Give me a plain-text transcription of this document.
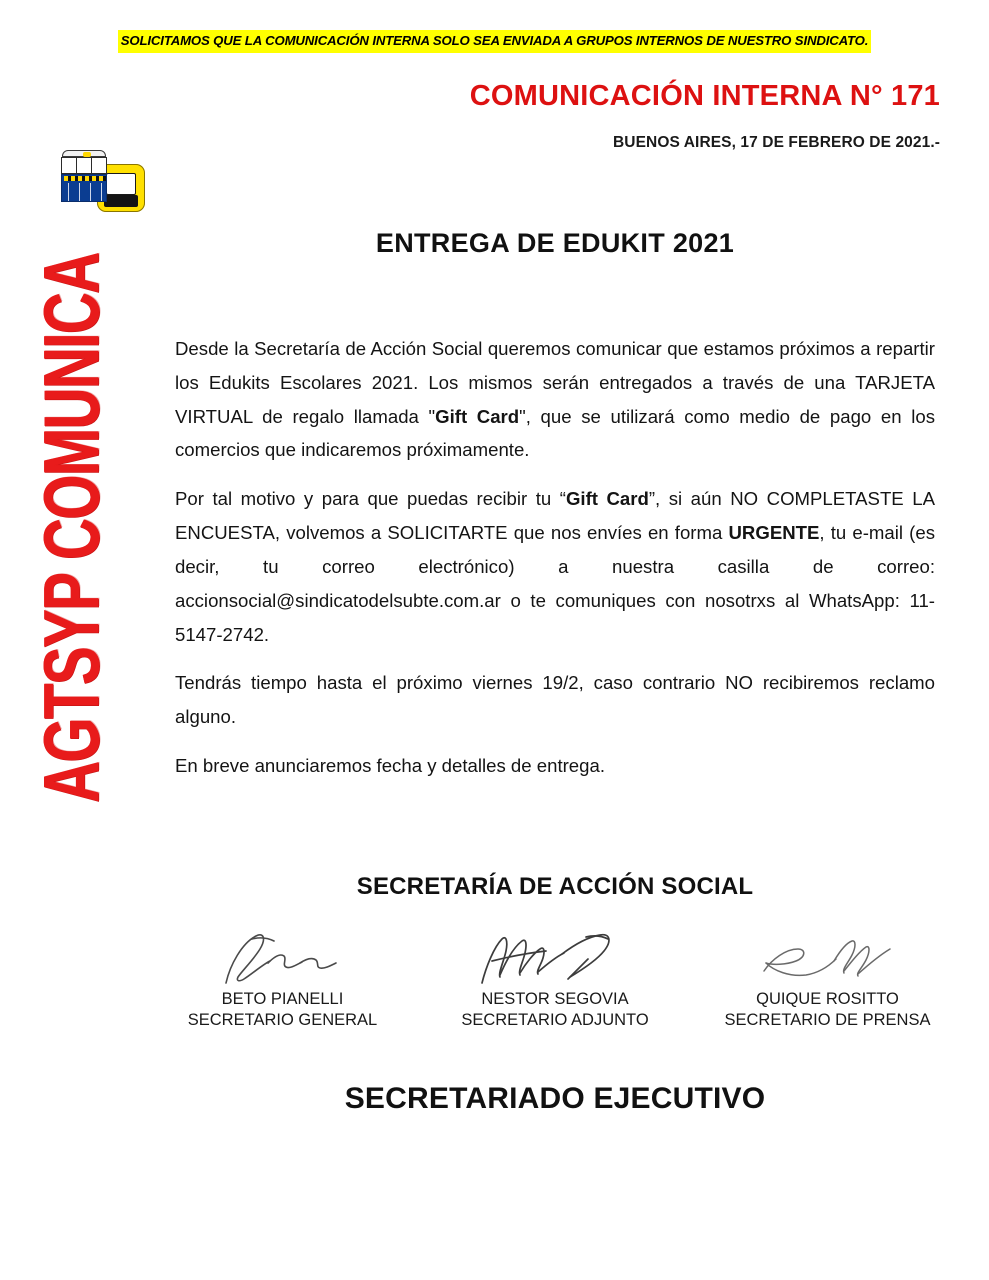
SOLICITAMOS QUE LA COMUNICACIÓN INTERNA SOLO SEA ENVIADA A GRUPOS INTERNOS DE NUESTRO SINDICATO.
COMUNICACIÓN INTERNA N° 171
BUENOS AIRES, 17 DE FEBRERO DE 2021.-
AGTSYP COMUNICA
ENTREGA DE EDUKIT 2021

Desde la Secretaría de Acción Social queremos comunicar que estamos próximos a repartir los Edukits Escolares 2021. Los mismos serán entregados a través de una TARJETA VIRTUAL de regalo llamada "Gift Card", que se utilizará como medio de pago en los comercios que indicaremos próximamente.

Por tal motivo y para que puedas recibir tu “Gift Card”, si aún NO COMPLETASTE LA ENCUESTA, volvemos a SOLICITARTE que nos envíes en forma URGENTE, tu e-mail (es decir, tu correo electrónico) a nuestra casilla de correo: accionsocial@sindicatodelsubte.com.ar o te comuniques con nosotrxs al WhatsApp: 11-5147-2742.

Tendrás tiempo hasta el próximo viernes 19/2, caso contrario NO recibiremos reclamo alguno.

En breve anunciaremos fecha y detalles de entrega.

SECRETARÍA DE ACCIÓN SOCIAL
BETO PIANELLI
SECRETARIO GENERAL
NESTOR SEGOVIA
SECRETARIO ADJUNTO
QUIQUE ROSITTO
SECRETARIO DE PRENSA
SECRETARIADO EJECUTIVO
